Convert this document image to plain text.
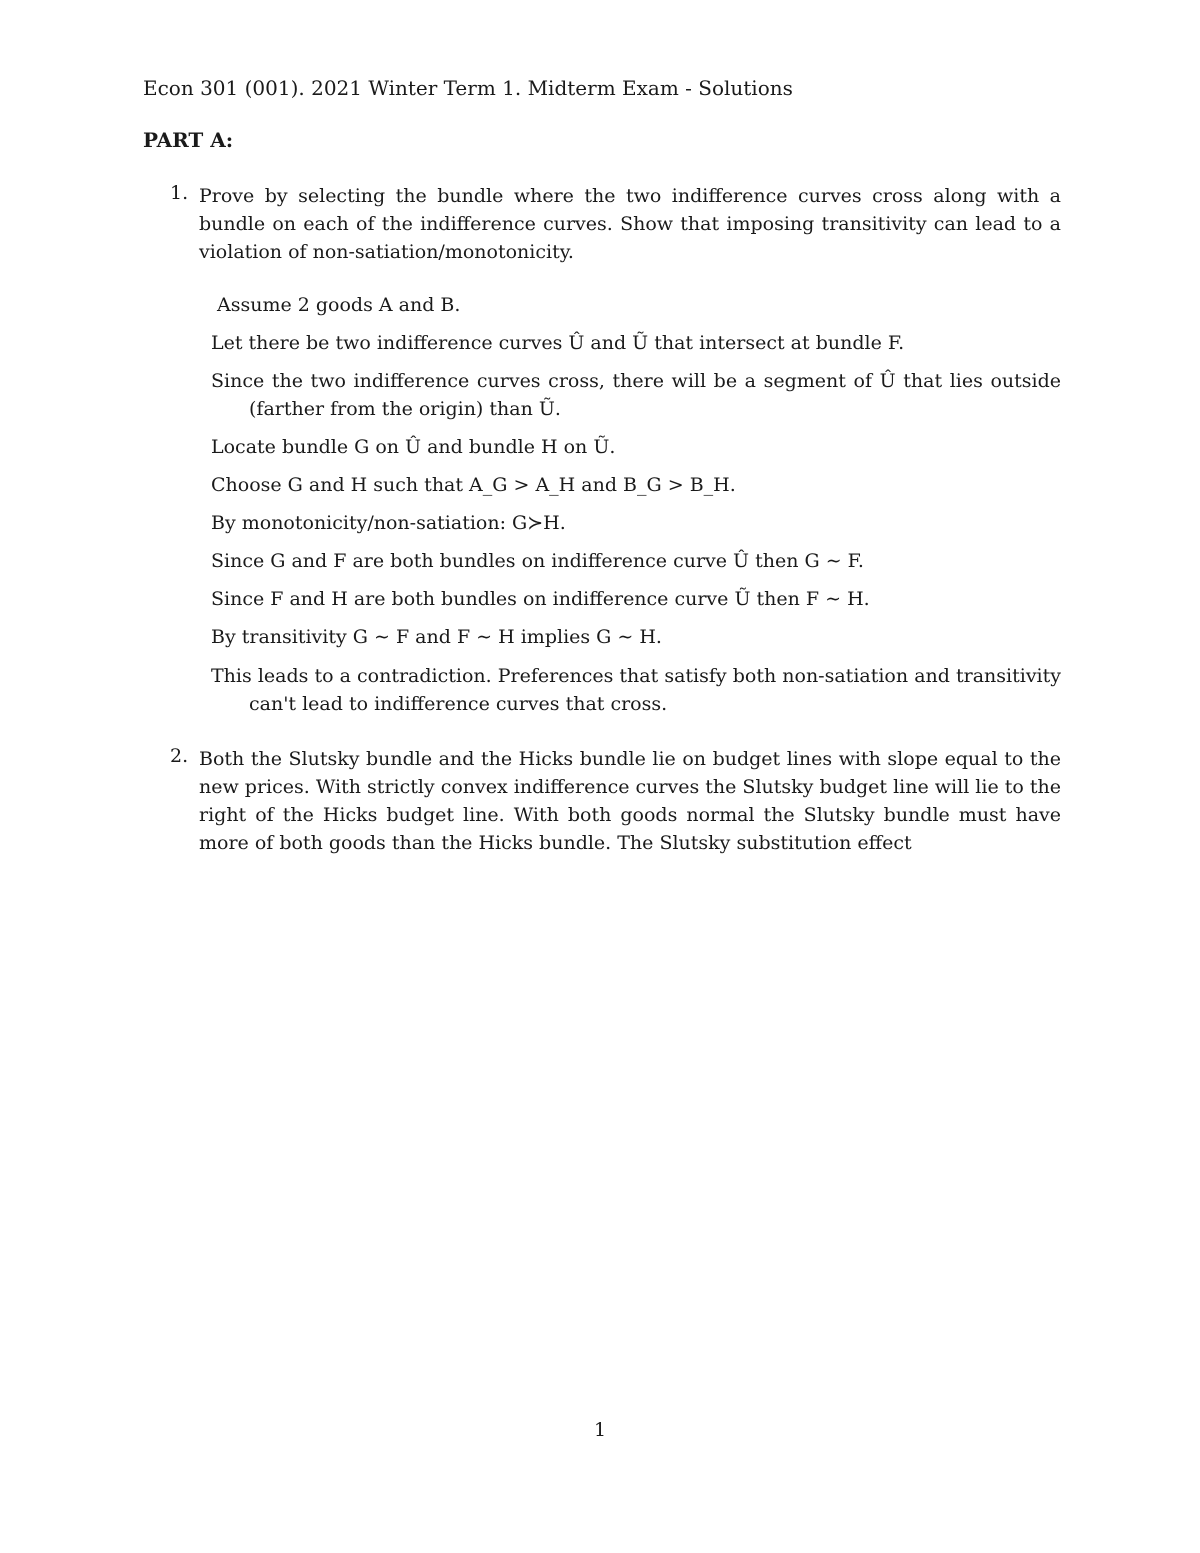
Econ 301 (001). 2021 Winter Term 1. Midterm Exam - Solutions
PART A:
1. Prove by selecting the bundle where the two indifference curves cross along with a bundle on each of the indifference curves. Show that imposing transitivity can lead to a violation of non-satiation/monotonicity.
Assume 2 goods A and B.
Let there be two indifference curves Û and Ũ that intersect at bundle F.
Since the two indifference curves cross, there will be a segment of Û that lies outside (farther from the origin) than Ũ.
Locate bundle G on Û and bundle H on Ũ.
Choose G and H such that A_G > A_H and B_G > B_H.
By monotonicity/non-satiation: G≻H.
Since G and F are both bundles on indifference curve Û then G ∼ F.
Since F and H are both bundles on indifference curve Ũ then F ∼ H.
By transitivity G ∼ F and F ∼ H implies G ∼ H.
This leads to a contradiction. Preferences that satisfy both non-satiation and transitivity can't lead to indifference curves that cross.
2. Both the Slutsky bundle and the Hicks bundle lie on budget lines with slope equal to the new prices. With strictly convex indifference curves the Slutsky budget line will lie to the right of the Hicks budget line. With both goods normal the Slutsky bundle must have more of both goods than the Hicks bundle. The Slutsky substitution effect
1
